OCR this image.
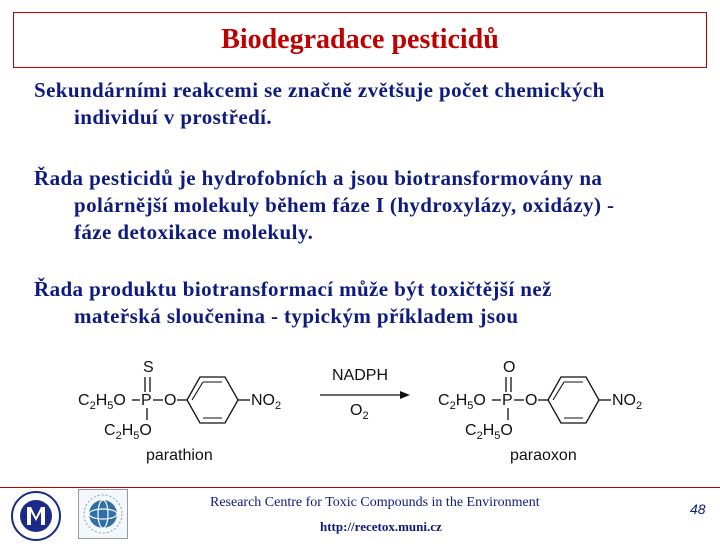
Biodegradace pesticidů
Sekundárními reakcemi se značně zvětšuje počet chemických
individuí v prostředí.
Řada pesticidů je hydrofobních a jsou biotransformovány na
polárnější molekuly během fáze I (hydroxylázy, oxidázy) -
fáze detoxikace molekuly.
Řada produktu biotransformací může být toxičtější než
mateřská sloučenina - typickým příkladem jsou
S
$C_2H_5O$ P O	$NO_2$
$C_2H_5O$
parathion
NADPH
$O_2$
O
$C_2H_5O$ P O	$NO_2$
$C_2H_5O$
paraoxon
Research Centre for Toxic Compounds in the Environment
http://recetox.muni.cz
48
